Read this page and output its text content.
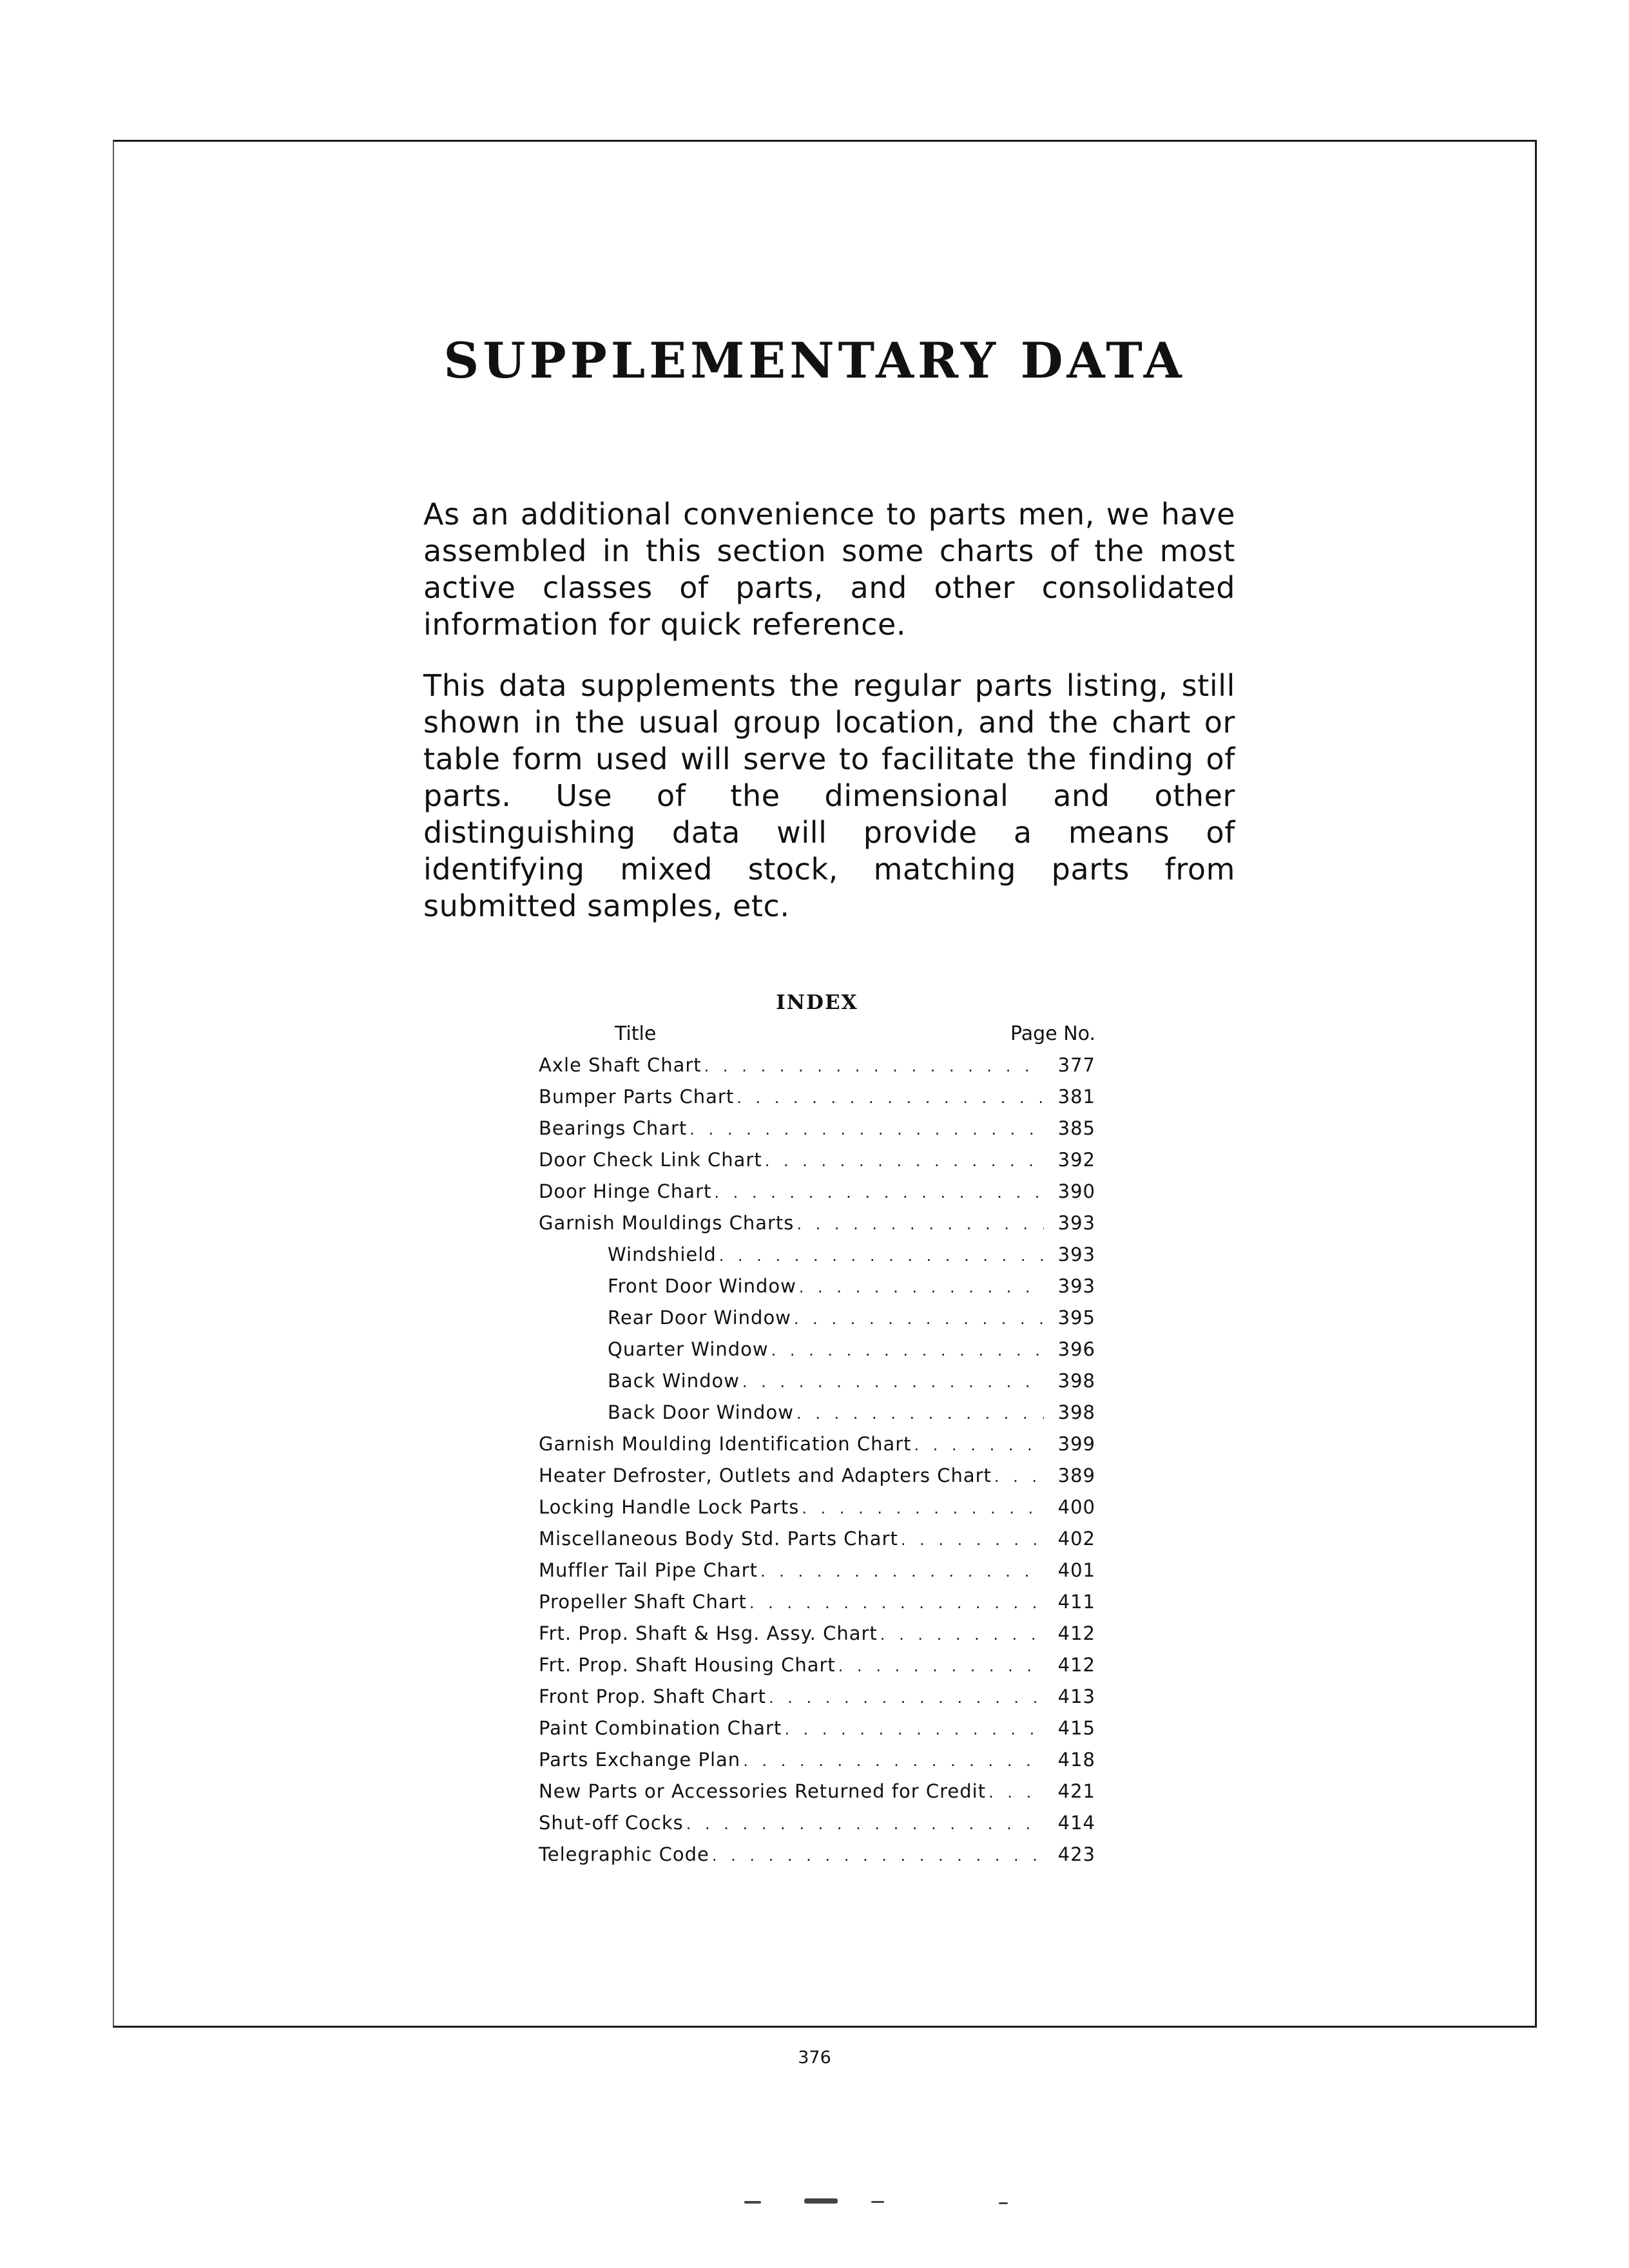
SUPPLEMENTARY DATA

As an additional convenience to parts men, we have assembled in this section some charts of the most active classes of parts, and other consolidated information for quick reference.

This data supplements the regular parts listing, still shown in the usual group location, and the chart or table form used will serve to facilitate the finding of parts. Use of the dimensional and other distinguishing data will provide a means of identifying mixed stock, matching parts from submitted samples, etc.

INDEX
Title	Page No.
Axle Shaft Chart . . .	377
Bumper Parts Chart . . .	381
Bearings Chart . . .	385
Door Check Link Chart . . .	392
Door Hinge Chart . . .	390
Garnish Mouldings Charts . . .	393
Windshield . . .	393
Front Door Window . . .	393
Rear Door Window . . .	395
Quarter Window . . .	396
Back Window . . .	398
Back Door Window . . .	398
Garnish Moulding Identification Chart . . .	399
Heater Defroster, Outlets and Adapters Chart . . .	389
Locking Handle Lock Parts . . .	400
Miscellaneous Body Std. Parts Chart . . .	402
Muffler Tail Pipe Chart . . .	401
Propeller Shaft Chart . . .	411
Frt. Prop. Shaft & Hsg. Assy. Chart . . .	412
Frt. Prop. Shaft Housing Chart . . .	412
Front Prop. Shaft Chart . . .	413
Paint Combination Chart . . .	415
Parts Exchange Plan . . .	418
New Parts or Accessories Returned for Credit . . .	421
Shut-off Cocks . . .	414
Telegraphic Code . . .	423
376
